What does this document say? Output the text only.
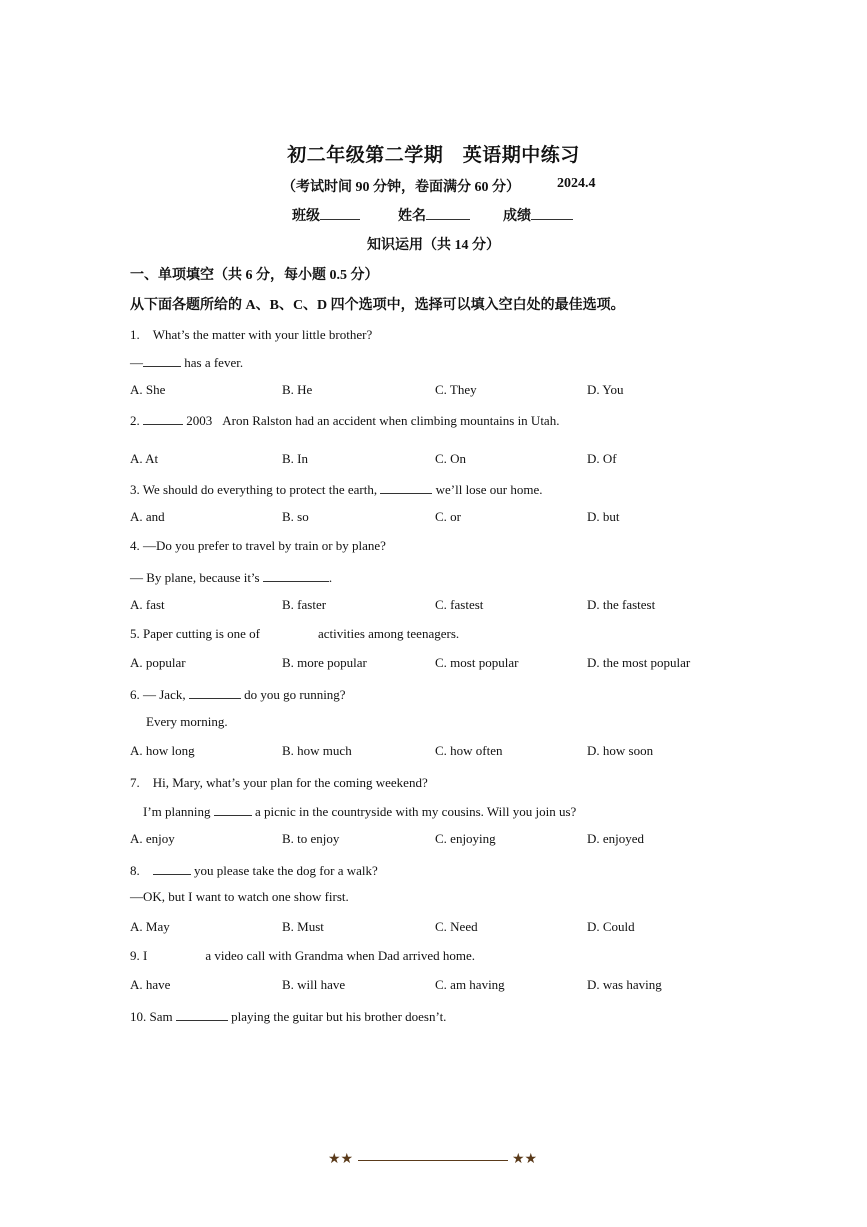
初二年级第二学期　英语期中练习
（考试时间 90 分钟，卷面满分 60 分）	2024.4
班级	姓名	成绩
知识运用（共 14 分）
一、单项填空（共 6 分，每小题 0.5 分）
从下面各题所给的 A、B、C、D 四个选项中，选择可以填入空白处的最佳选项。
1.　What’s the matter with your little brother?
—	has a fever.
A. She	B. He	C. They	D. You
2.	2003 Aron Ralston had an accident when climbing mountains in Utah.
A. At	B. In	C. On	D. Of
3. We should do everything to protect the earth,	we’ll lose our home.
A. and	B. so	C. or	D. but
4. —Do you prefer to travel by train or by plane?
— By plane, because it’s	.
A. fast	B. faster	C. fastest	D. the fastest
5. Paper cutting is one of	activities among teenagers.
A. popular	B. more popular	C. most popular	D. the most popular
6. — Jack,	do you go running?
Every morning.
A. how long	B. how much	C. how often	D. how soon
7.　Hi, Mary, what’s your plan for the coming weekend?
I’m planning	a picnic in the countryside with my cousins. Will you join us?
A. enjoy	B. to enjoy	C. enjoying	D. enjoyed
8.　	you please take the dog for a walk?
—OK, but I want to watch one show first.
A. May	B. Must	C. Need	D. Could
9. I	a video call with Grandma when Dad arrived home.
A. have	B. will have	C. am having	D. was having
10. Sam	playing the guitar but his brother doesn’t.
★★	★★
